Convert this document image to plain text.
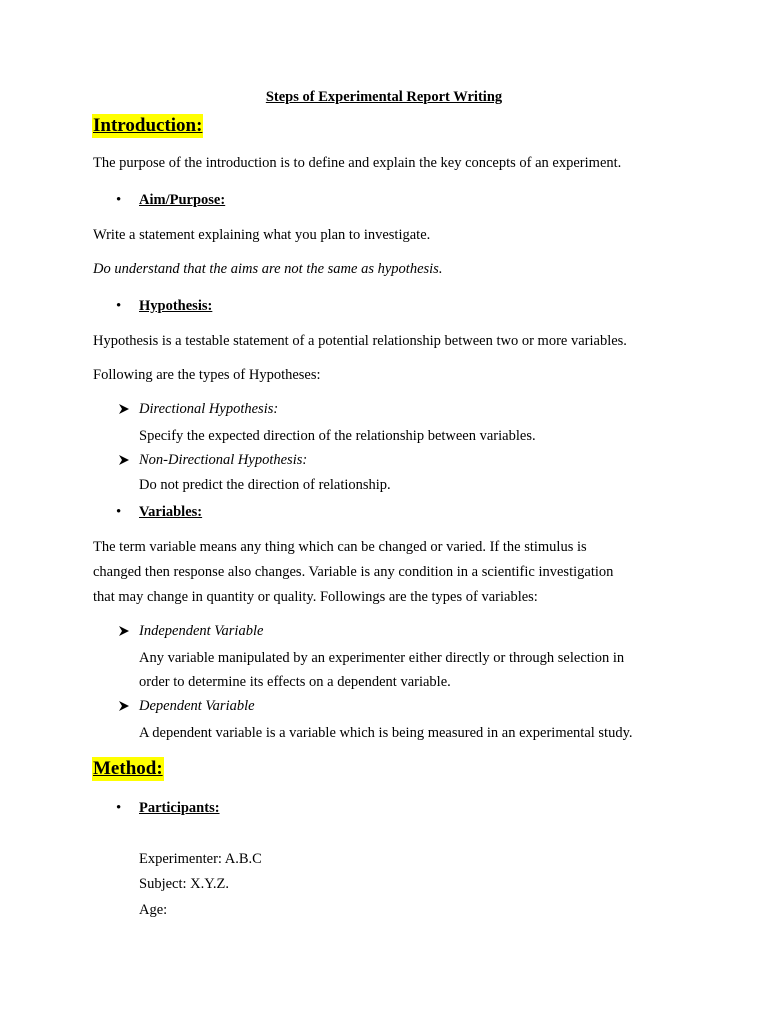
Steps of Experimental Report Writing
Introduction:
The purpose of the introduction is to define and explain the key concepts of an experiment.
•	Aim/Purpose:
Write a statement explaining what you plan to investigate.
Do understand that the aims are not the same as hypothesis.
•	Hypothesis:
Hypothesis is a testable statement of a potential relationship between two or more variables.
Following are the types of Hypotheses:
Directional Hypothesis:
Specify the expected direction of the relationship between variables.
Non-Directional Hypothesis:
Do not predict the direction of relationship.
•	Variables:
The term variable means any thing which can be changed or varied. If the stimulus is
changed then response also changes. Variable is any condition in a scientific investigation
that may change in quantity or quality. Followings are the types of variables:
Independent Variable
Any variable manipulated by an experimenter either directly or through selection in
order to determine its effects on a dependent variable.
Dependent Variable
A dependent variable is a variable which is being measured in an experimental study.
Method:
•	Participants:
Experimenter: A.B.C
Subject: X.Y.Z.
Age:
